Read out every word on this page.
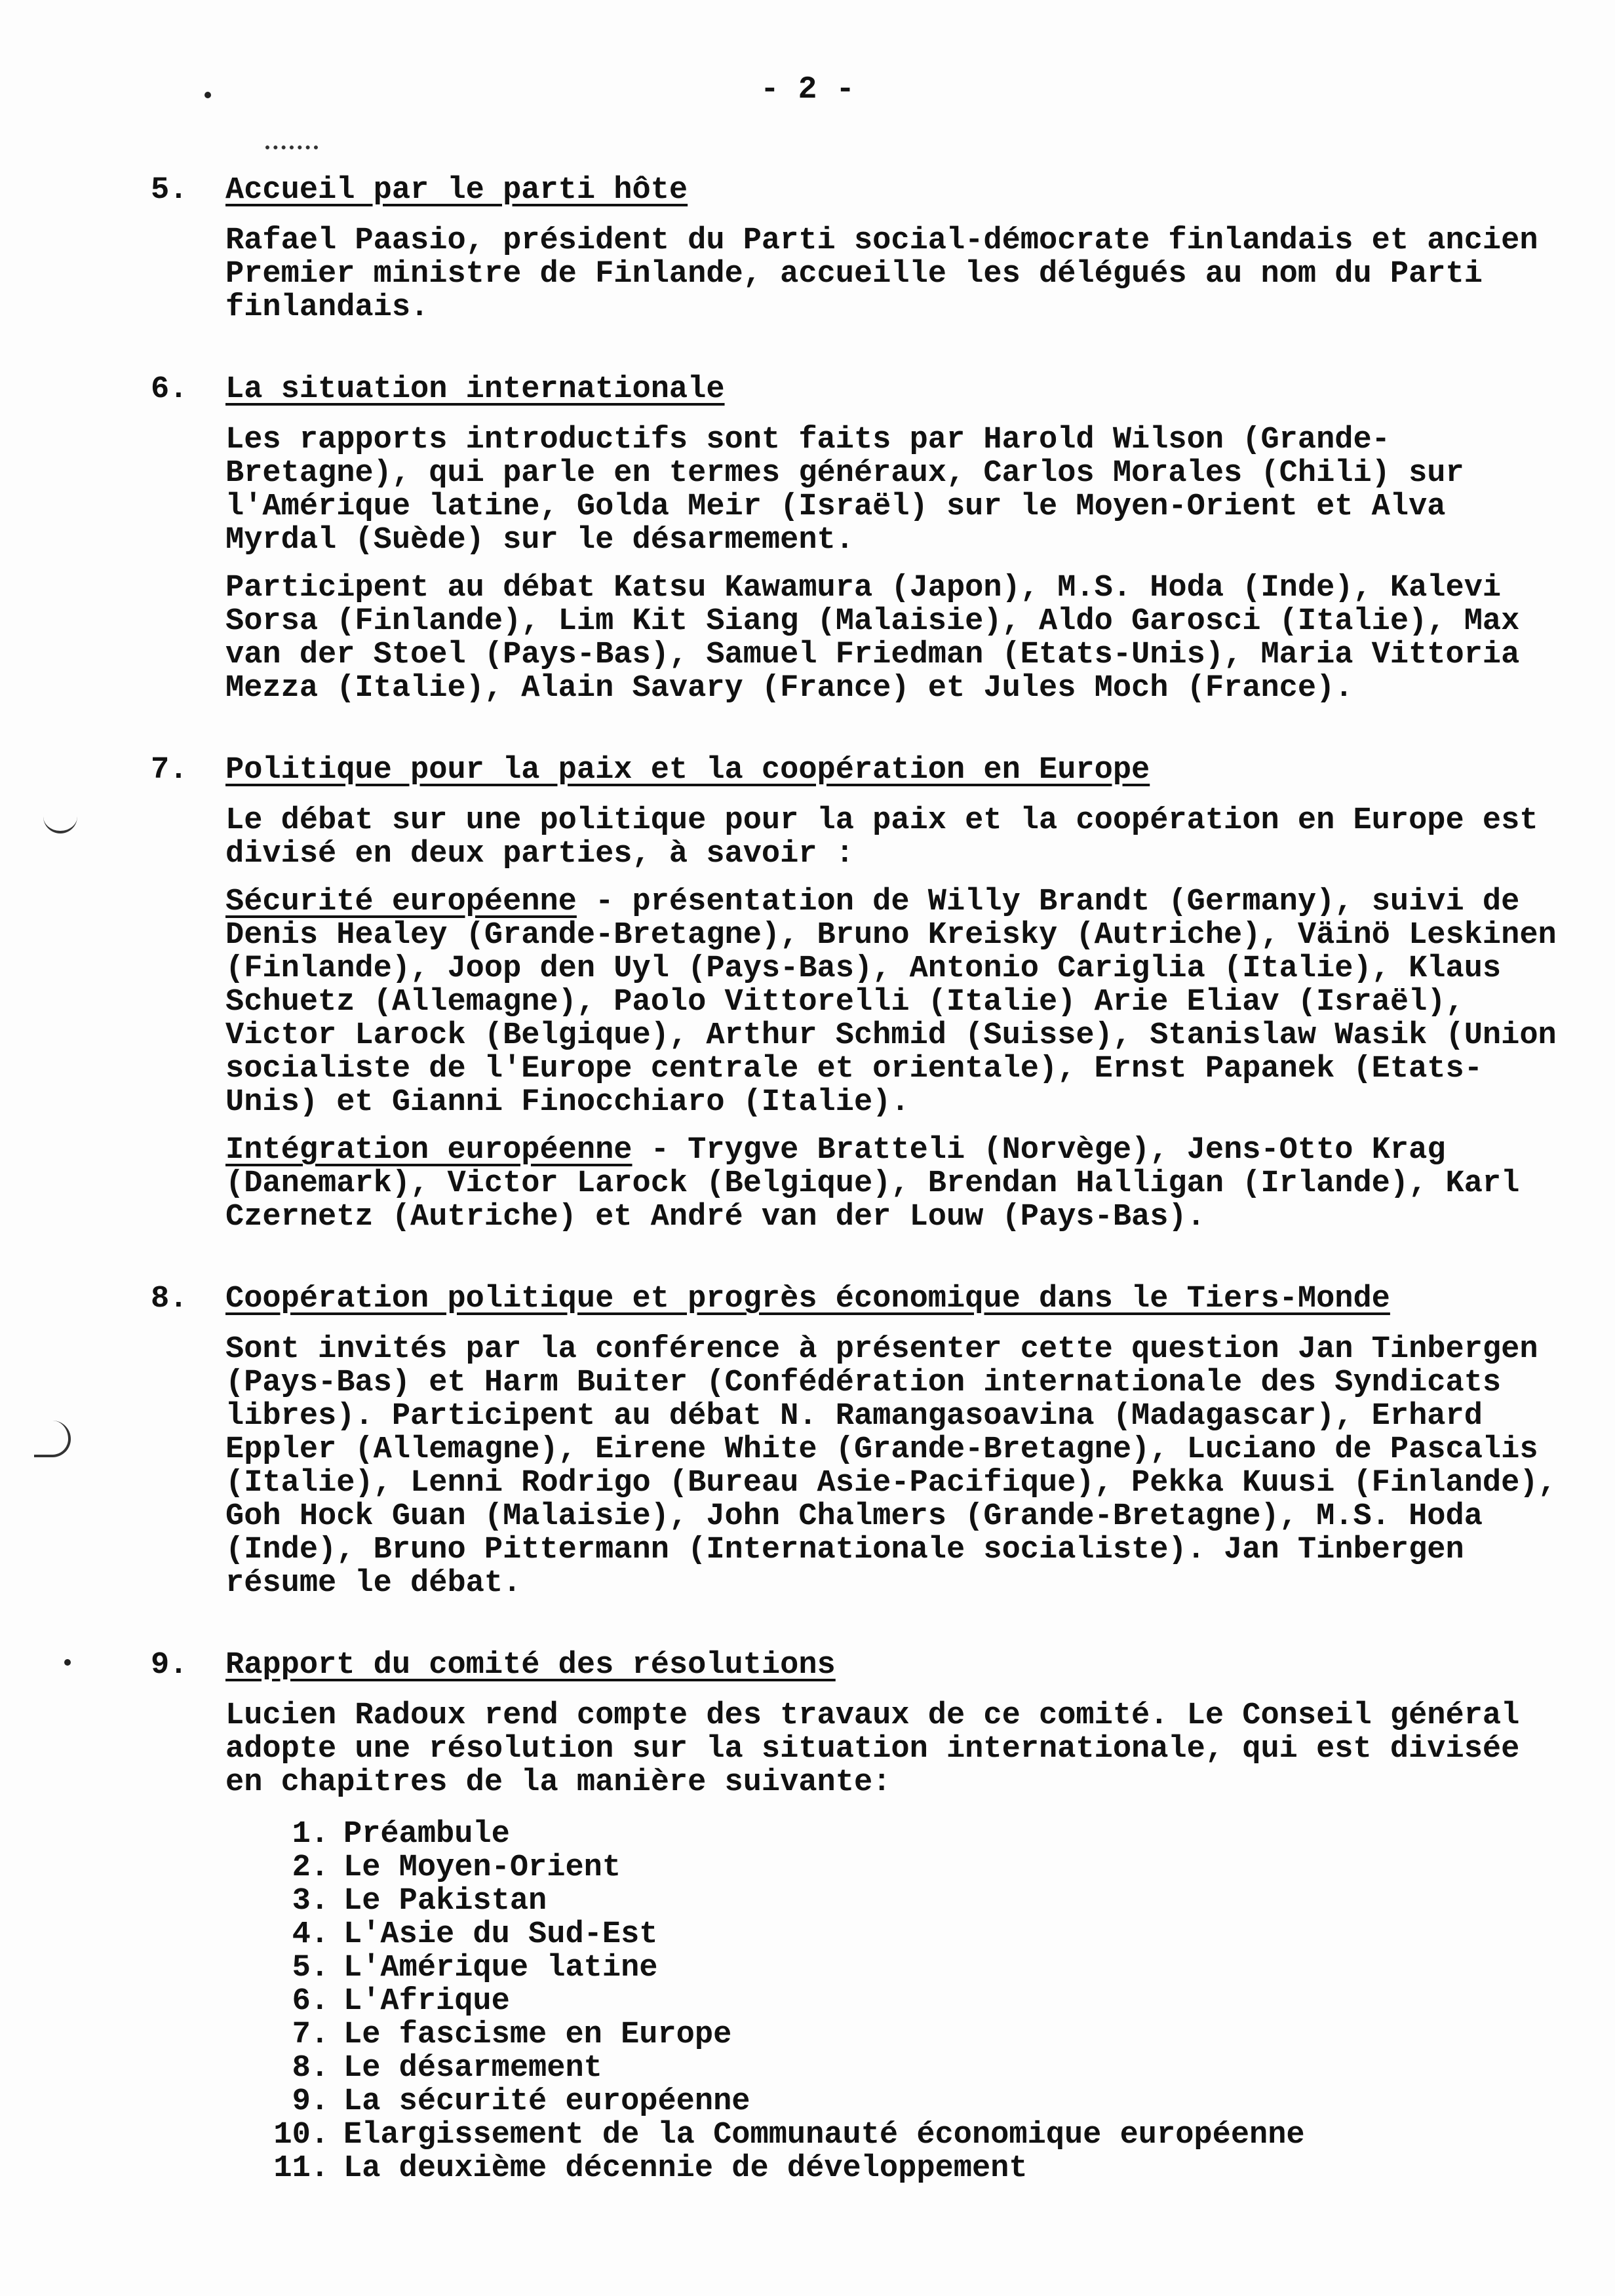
- 2 -
5.	Accueil par le parti hôte

Rafael Paasio, président du Parti social-démocrate finlandais et ancien Premier ministre de Finlande, accueille les délégués au nom du Parti finlandais.

6.	La situation internationale

Les rapports introductifs sont faits par Harold Wilson (Grande-Bretagne), qui parle en termes généraux, Carlos Morales (Chili) sur l'Amérique latine, Golda Meir (Israël) sur le Moyen-Orient et Alva Myrdal (Suède) sur le désarmement.

Participent au débat Katsu Kawamura (Japon), M.S. Hoda (Inde), Kalevi Sorsa (Finlande), Lim Kit Siang (Malaisie), Aldo Garosci (Italie), Max van der Stoel (Pays-Bas), Samuel Friedman (Etats-Unis), Maria Vittoria Mezza (Italie), Alain Savary (France) et Jules Moch (France).

7.	Politique pour la paix et la coopération en Europe

Le débat sur une politique pour la paix et la coopération en Europe est divisé en deux parties, à savoir :

Sécurité européenne - présentation de Willy Brandt (Germany), suivi de Denis Healey (Grande-Bretagne), Bruno Kreisky (Autriche), Väinö Leskinen (Finlande), Joop den Uyl (Pays-Bas), Antonio Cariglia (Italie), Klaus Schuetz (Allemagne), Paolo Vittorelli (Italie) Arie Eliav (Israël), Victor Larock (Belgique), Arthur Schmid (Suisse), Stanislaw Wasik (Union socialiste de l'Europe centrale et orientale), Ernst Papanek (Etats-Unis) et Gianni Finocchiaro (Italie).

Intégration européenne - Trygve Bratteli (Norvège), Jens-Otto Krag (Danemark), Victor Larock (Belgique), Brendan Halligan (Irlande), Karl Czernetz (Autriche) et André van der Louw (Pays-Bas).

8.	Coopération politique et progrès économique dans le Tiers-Monde

Sont invités par la conférence à présenter cette question Jan Tinbergen (Pays-Bas) et Harm Buiter (Confédération internationale des Syndicats libres). Participent au débat N. Ramangasoavina (Madagascar), Erhard Eppler (Allemagne), Eirene White (Grande-Bretagne), Luciano de Pascalis (Italie), Lenni Rodrigo (Bureau Asie-Pacifique), Pekka Kuusi (Finlande), Goh Hock Guan (Malaisie), John Chalmers (Grande-Bretagne), M.S. Hoda (Inde), Bruno Pittermann (Internationale socialiste). Jan Tinbergen résume le débat.

9.	Rapport du comité des résolutions

Lucien Radoux rend compte des travaux de ce comité. Le Conseil général adopte une résolution sur la situation internationale, qui est divisée en chapitres de la manière suivante:

1. Préambule
2. Le Moyen-Orient
3. Le Pakistan
4. L'Asie du Sud-Est
5. L'Amérique latine
6. L'Afrique
7. Le fascisme en Europe
8. Le désarmement
9. La sécurité européenne
10. Elargissement de la Communauté économique européenne
11. La deuxième décennie de développement
